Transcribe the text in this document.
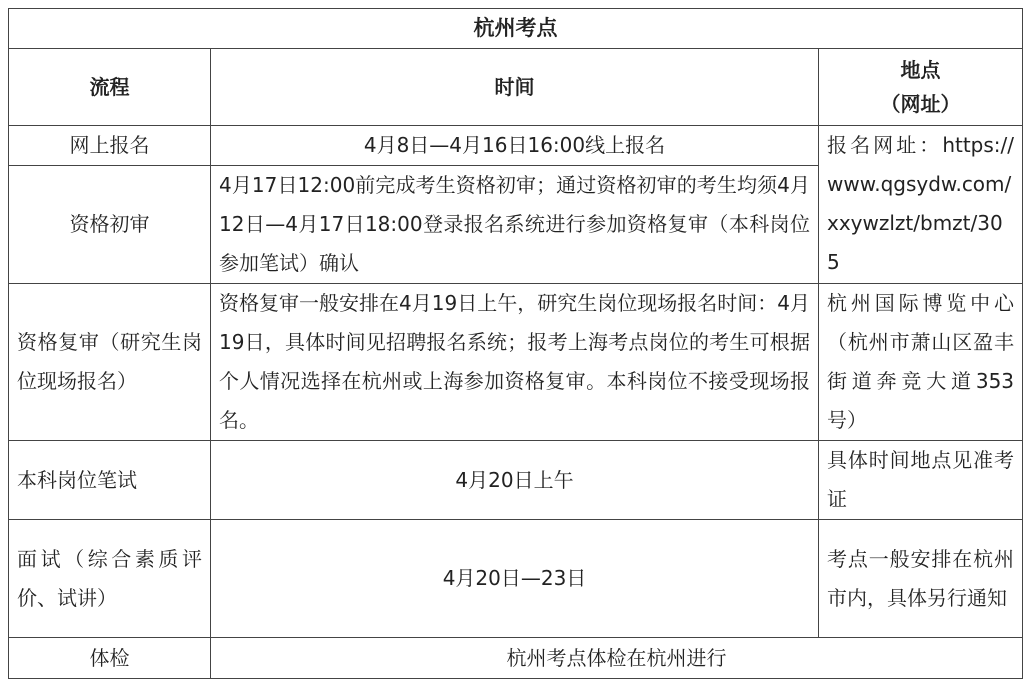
杭州考点		
流程	时间	地点
（网址）

网上报名	4月8日—4月16日16:00线上报名	报名网址：https://www.qgsydw.com/xxywzlzt/bmzt/305
资格初审	4月17日12:00前完成考生资格初审；通过资格初审的考生均须4月12日—4月17日18:00登录报名系统进行参加资格复审（本科岗位参加笔试）确认	
资格复审（研究生岗位现场报名）	资格复审一般安排在4月19日上午，研究生岗位现场报名时间：4月19日，具体时间见招聘报名系统；报考上海考点岗位的考生可根据个人情况选择在杭州或上海参加资格复审。本科岗位不接受现场报名。	杭州国际博览中心（杭州市萧山区盈丰街道奔竞大道353号）
本科岗位笔试	4月20日上午	具体时间地点见准考证
面试（综合素质评价、试讲）	4月20日—23日	考点一般安排在杭州市内，具体另行通知
体检	杭州考点体检在杭州进行	
